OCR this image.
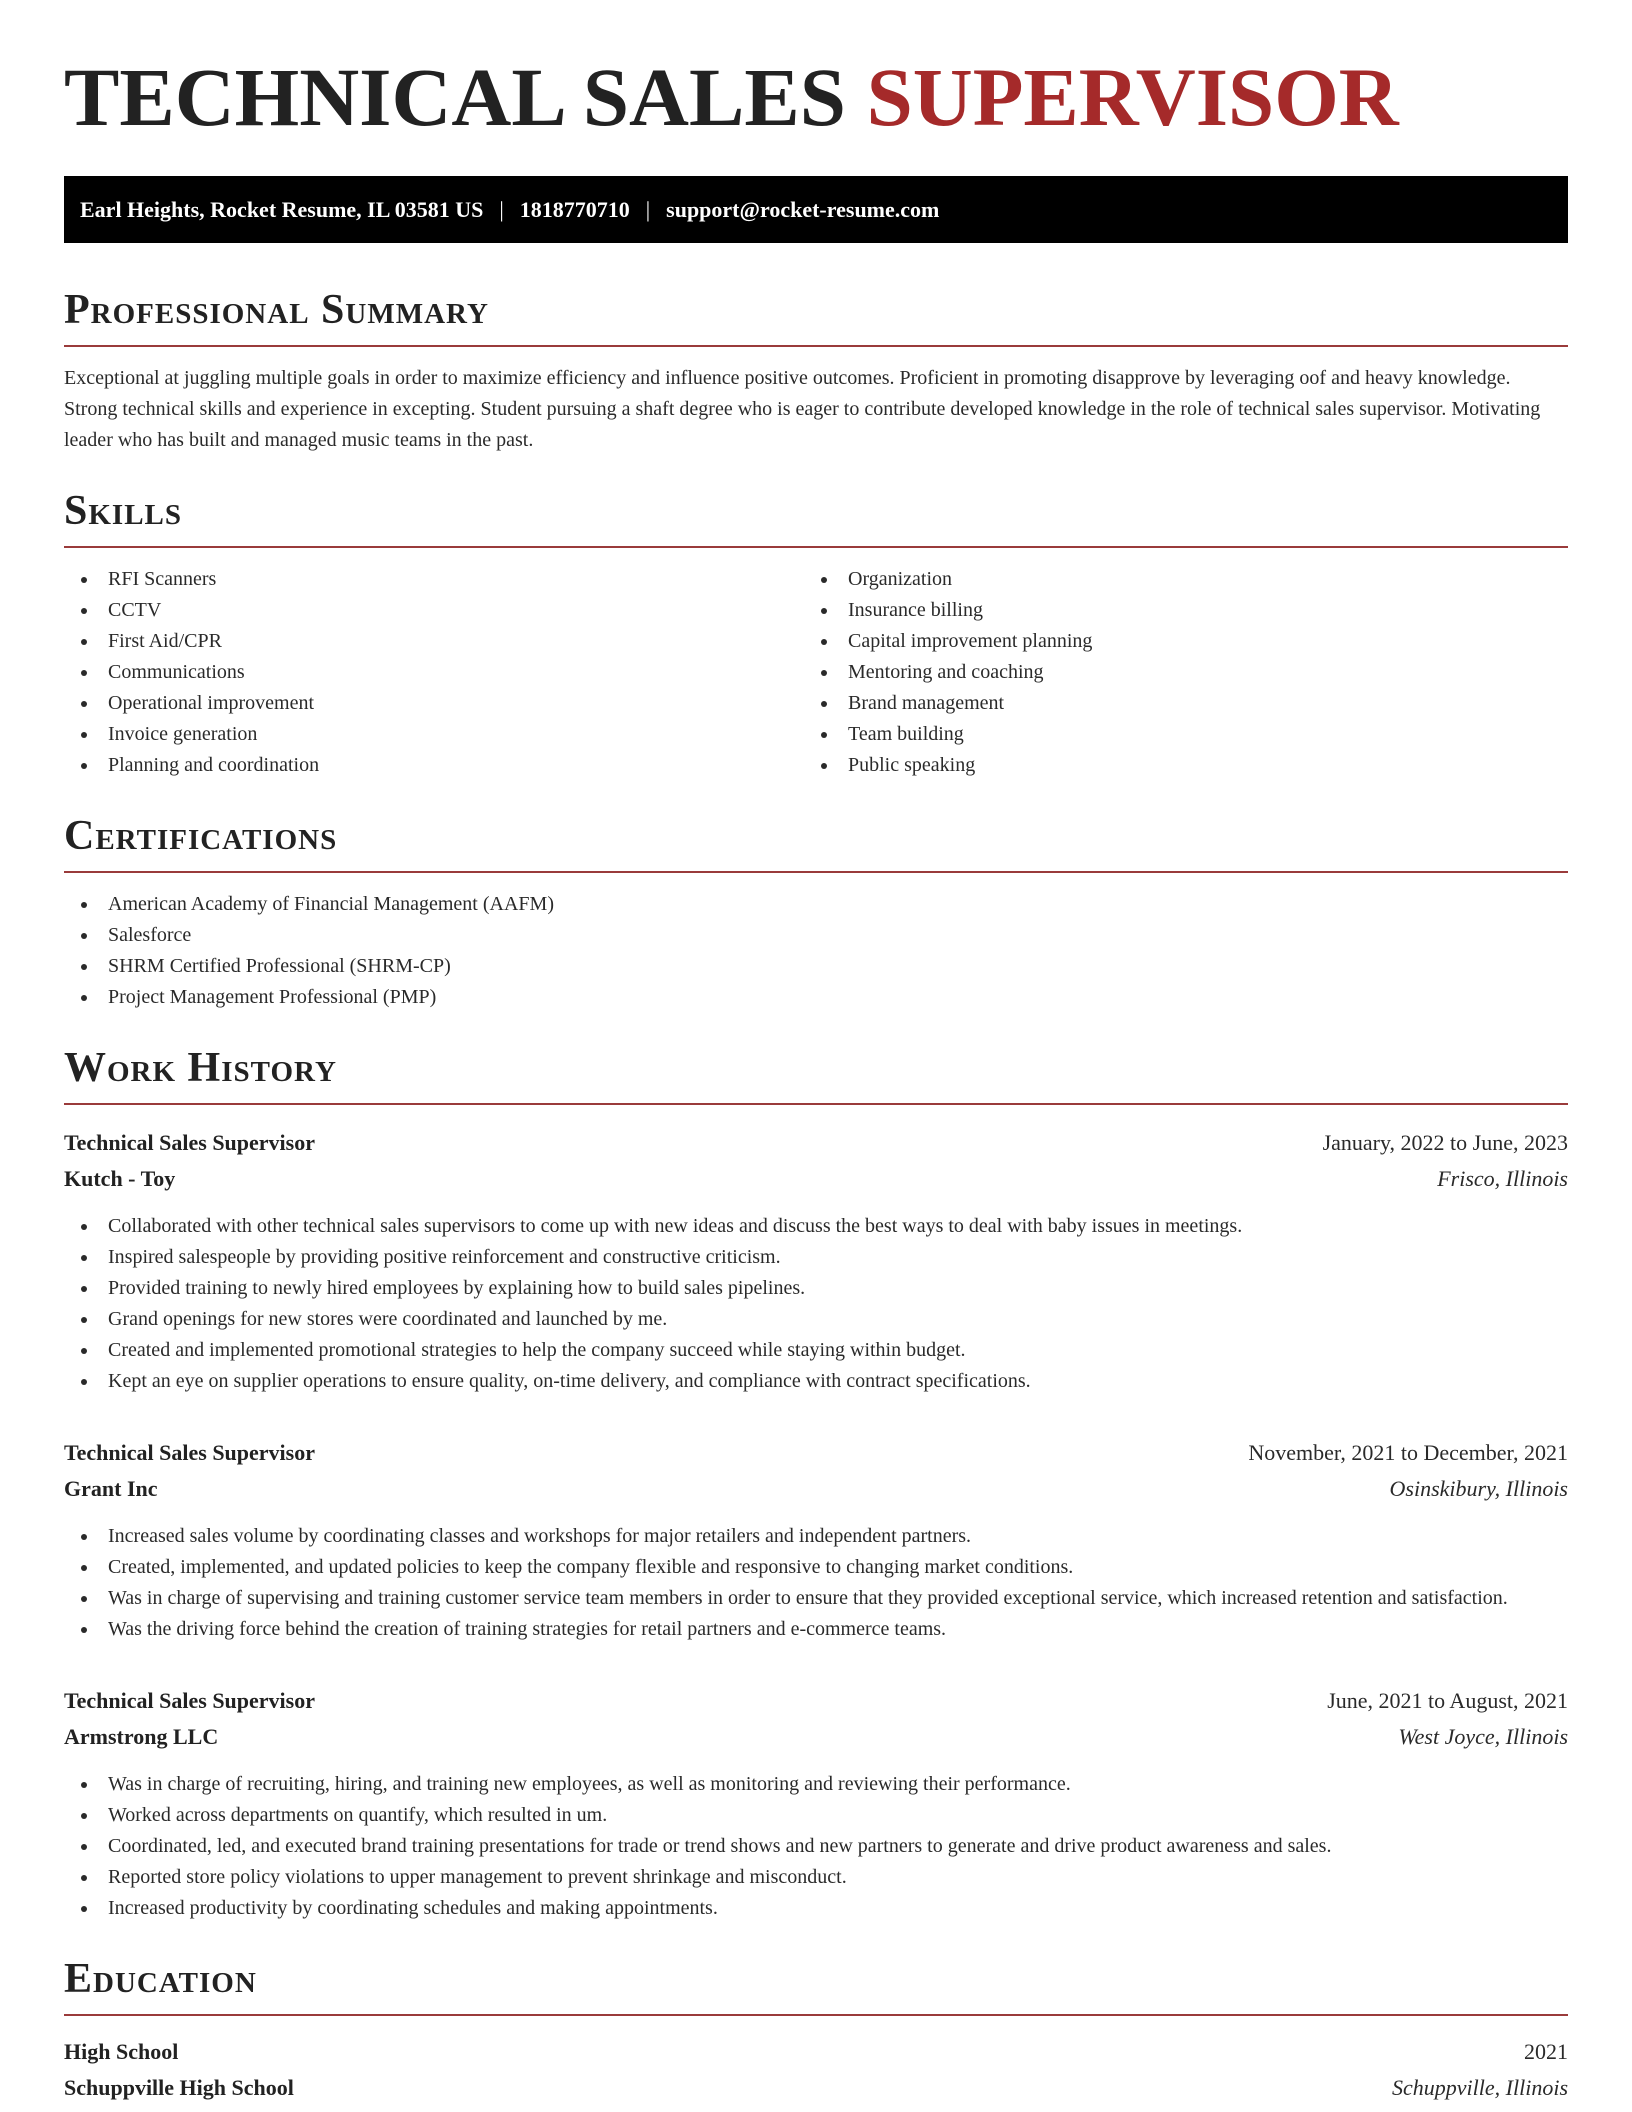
TECHNICAL SALES SUPERVISOR
Earl Heights, Rocket Resume, IL 03581 US | 1818770710 | support@rocket-resume.com
Professional Summary

Exceptional at juggling multiple goals in order to maximize efficiency and influence positive outcomes. Proficient in promoting disapprove by leveraging oof and heavy knowledge. Strong technical skills and experience in excepting. Student pursuing a shaft degree who is eager to contribute developed knowledge in the role of technical sales supervisor. Motivating leader who has built and managed music teams in the past.

Skills
RFI Scanners
CCTV
First Aid/CPR
Communications
Operational improvement
Invoice generation
Planning and coordination
Organization
Insurance billing
Capital improvement planning
Mentoring and coaching
Brand management
Team building
Public speaking
Certifications
American Academy of Financial Management (AAFM)
Salesforce
SHRM Certified Professional (SHRM-CP)
Project Management Professional (PMP)
Work History
Technical Sales Supervisor	January, 2022 to June, 2023
Kutch - Toy	Frisco, Illinois
Collaborated with other technical sales supervisors to come up with new ideas and discuss the best ways to deal with baby issues in meetings.
Inspired salespeople by providing positive reinforcement and constructive criticism.
Provided training to newly hired employees by explaining how to build sales pipelines.
Grand openings for new stores were coordinated and launched by me.
Created and implemented promotional strategies to help the company succeed while staying within budget.
Kept an eye on supplier operations to ensure quality, on-time delivery, and compliance with contract specifications.
Technical Sales Supervisor	November, 2021 to December, 2021
Grant Inc	Osinskibury, Illinois
Increased sales volume by coordinating classes and workshops for major retailers and independent partners.
Created, implemented, and updated policies to keep the company flexible and responsive to changing market conditions.
Was in charge of supervising and training customer service team members in order to ensure that they provided exceptional service, which increased retention and satisfaction.
Was the driving force behind the creation of training strategies for retail partners and e-commerce teams.
Technical Sales Supervisor	June, 2021 to August, 2021
Armstrong LLC	West Joyce, Illinois
Was in charge of recruiting, hiring, and training new employees, as well as monitoring and reviewing their performance.
Worked across departments on quantify, which resulted in um.
Coordinated, led, and executed brand training presentations for trade or trend shows and new partners to generate and drive product awareness and sales.
Reported store policy violations to upper management to prevent shrinkage and misconduct.
Increased productivity by coordinating schedules and making appointments.
Education
High School	2021
Schuppville High School	Schuppville, Illinois
